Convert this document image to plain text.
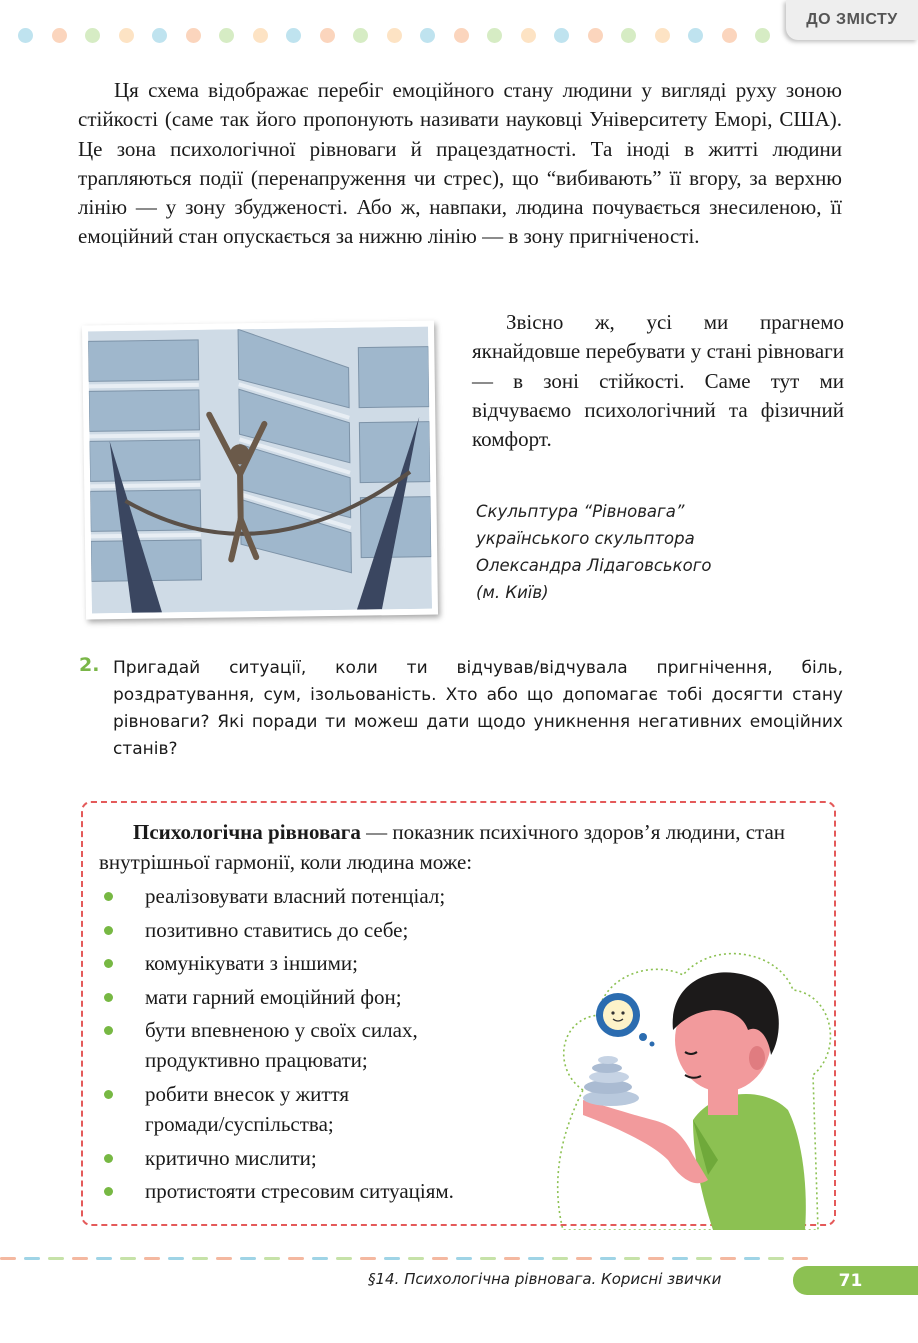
ДО ЗМІСТУ
Ця схема відображає перебіг емоційного стану людини у вигляді руху зоною стійкості (саме так його пропонують називати науковці Університету Еморі, США). Це зона психологічної рівноваги й працездатності. Та іноді в житті людини трапляються події (перенапруження чи стрес), що “вибивають” її вгору, за верхню лінію — у зону збудженості. Або ж, навпаки, людина почувається знесиленою, її емоційний стан опускається за нижню лінію — в зону пригніченості.
Звісно ж, усі ми прагнемо якнайдовше перебувати у стані рівноваги — в зоні стійкості. Саме тут ми відчуваємо психологічний та фізичний комфорт.
Скульптура “Рівновага”
українського скульптора
Олександра Лідаговського
(м. Київ)
2. Пригадай ситуації, коли ти відчував/відчувала пригнічення, біль, роздратування, сум, ізольованість. Хто або що допомагає тобі досягти стану рівноваги? Які поради ти можеш дати щодо уникнення негативних емоційних станів?
Психологічна рівновага — показник психічного здоров’я людини, стан внутрішньої гармонії, коли людина може:
реалізовувати власний потенціал;
позитивно ставитись до себе;
комунікувати з іншими;
мати гарний емоційний фон;
бути впевненою у своїх силах,
продуктивно працювати;
робити внесок у життя
громади/суспільства;
критично мислити;
протистояти стресовим ситуаціям.
§14. Психологічна рівновага. Корисні звички	71
